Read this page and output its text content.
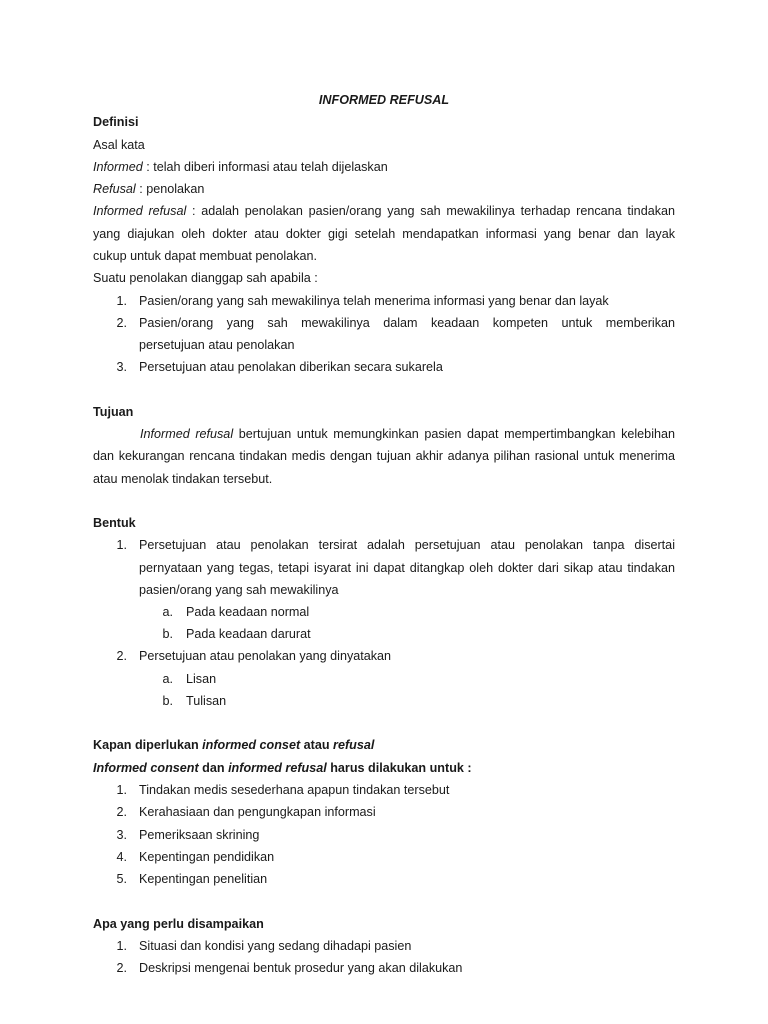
INFORMED REFUSAL
Definisi
Asal kata
Informed : telah diberi informasi atau telah dijelaskan
Refusal : penolakan
Informed refusal : adalah penolakan pasien/orang yang sah mewakilinya terhadap rencana tindakan
yang diajukan oleh dokter atau dokter gigi setelah mendapatkan informasi yang benar dan layak
cukup untuk dapat membuat penolakan.
Suatu penolakan dianggap sah apabila :
1. Pasien/orang yang sah mewakilinya telah menerima informasi yang benar dan layak
2. Pasien/orang yang sah mewakilinya dalam keadaan kompeten untuk memberikan
persetujuan atau penolakan
3. Persetujuan atau penolakan diberikan secara sukarela
Tujuan
Informed refusal bertujuan untuk memungkinkan pasien dapat mempertimbangkan kelebihan
dan kekurangan rencana tindakan medis dengan tujuan akhir adanya pilihan rasional untuk menerima
atau menolak tindakan tersebut.
Bentuk
1. Persetujuan atau penolakan tersirat adalah persetujuan atau penolakan tanpa disertai
pernyataan yang tegas, tetapi isyarat ini dapat ditangkap oleh dokter dari sikap atau tindakan
pasien/orang yang sah mewakilinya
a. Pada keadaan normal
b. Pada keadaan darurat
2. Persetujuan atau penolakan yang dinyatakan
a. Lisan
b. Tulisan
Kapan diperlukan informed conset atau refusal
Informed consent dan informed refusal harus dilakukan untuk :
1. Tindakan medis sesederhana apapun tindakan tersebut
2. Kerahasiaan dan pengungkapan informasi
3. Pemeriksaan skrining
4. Kepentingan pendidikan
5. Kepentingan penelitian
Apa yang perlu disampaikan
1. Situasi dan kondisi yang sedang dihadapi pasien
2. Deskripsi mengenai bentuk prosedur yang akan dilakukan
